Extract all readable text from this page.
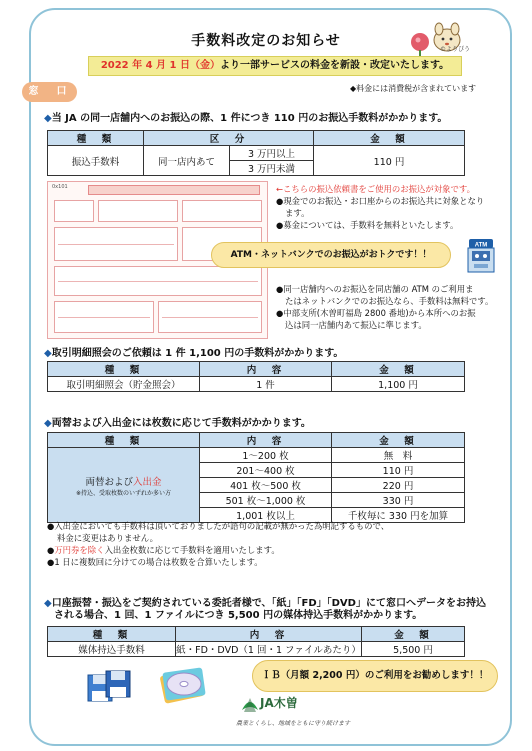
手数料改定のお知らせ
©よりぴう
2022 年 4 月 1 日（金）より一部サービスの料金を新設・改定いたします。
窓　口	◆料金には消費税が含まれています
◆当 JA の同一店舗内へのお振込の際、1 件につき 110 円のお振込手数料がかかります。
種　類	区　分		金　額
振込手数料	同一店内あて	3 万円以上	110 円
		3 万円未満	
0x101	←こちらの振込依頼書をご使用のお振込が対象です。
●現金でのお振込・お口座からのお振込共に対象となり
ます。
●募金については、手数料を無料といたします。
ATM・ネットバンクでのお振込がおトクです！！
ATM
●同一店舗内へのお振込を同店舗の ATM のご利用ま
たはネットバンクでのお振込なら、手数料は無料です。
●中部支所(木曽町福島 2800 番地)から本所へのお振
込は同一店舗内あて振込に準じます。
◆取引明細照会のご依頼は 1 件 1,100 円の手数料がかかります。
種　類	内　容	金　額
取引明細照会（貯金照会）	1 件	1,100 円
◆両替および入出金には枚数に応じて手数料がかかります。
種　類	内　容	金　額

両替および入出金
※持込、受取枚数のいずれか多い方	1～200 枚	無　料
	201～400 枚	110 円
	401 枚～500 枚	220 円
	501 枚～1,000 枚	330 円
	1,001 枚以上	千枚毎に 330 円を加算
●入出金においても手数料は頂いておりましたが語句の記載が無かった為明記するもので、
料金に変更はありません。
●万円券を除く入出金枚数に応じて手数料を適用いたします。
●1 日に複数回に分けての場合は枚数を合算いたします。
◆口座振替・振込をご契約されている委託者様で、「紙」「FD」「DVD」にて窓口へデータをお持込
される場合、1 回、1 ファイルにつき 5,500 円の媒体持込手数料がかかります。
種　類	内　容	金　額
媒体持込手数料	紙・FD・DVD（1 回・1 ファイルあたり）	5,500 円
ＩＢ（月額 2,200 円）のご利用をお勧めします！！
JA木曽
農業とくらし、地域をともに守り続けます
